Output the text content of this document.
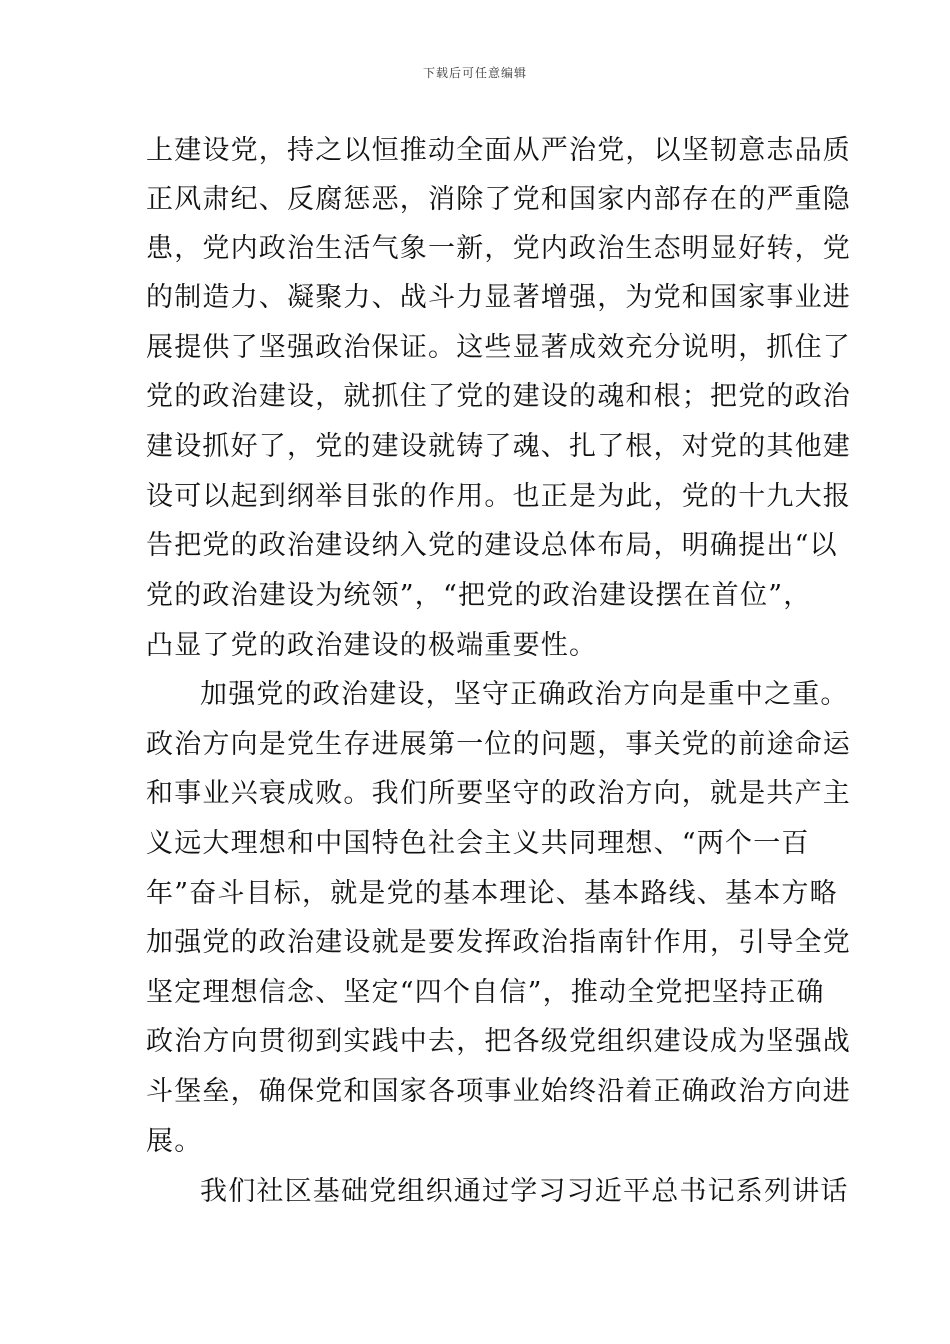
下载后可任意编辑
上建设党，持之以恒推动全面从严治党，以坚韧意志品质
正风肃纪、反腐惩恶，消除了党和国家内部存在的严重隐
患，党内政治生活气象一新，党内政治生态明显好转，党
的制造力、凝聚力、战斗力显著增强，为党和国家事业进
展提供了坚强政治保证。这些显著成效充分说明，抓住了
党的政治建设，就抓住了党的建设的魂和根；把党的政治
建设抓好了，党的建设就铸了魂、扎了根，对党的其他建
设可以起到纲举目张的作用。也正是为此，党的十九大报
告把党的政治建设纳入党的建设总体布局，明确提出“以
党的政治建设为统领”，“把党的政治建设摆在首位”，
凸显了党的政治建设的极端重要性。
加强党的政治建设，坚守正确政治方向是重中之重。
政治方向是党生存进展第一位的问题，事关党的前途命运
和事业兴衰成败。我们所要坚守的政治方向，就是共产主
义远大理想和中国特色社会主义共同理想、“两个一百
年”奋斗目标，就是党的基本理论、基本路线、基本方略
加强党的政治建设就是要发挥政治指南针作用，引导全党
坚定理想信念、坚定“四个自信”，推动全党把坚持正确
政治方向贯彻到实践中去，把各级党组织建设成为坚强战
斗堡垒，确保党和国家各项事业始终沿着正确政治方向进
展。
我们社区基础党组织通过学习习近平总书记系列讲话
